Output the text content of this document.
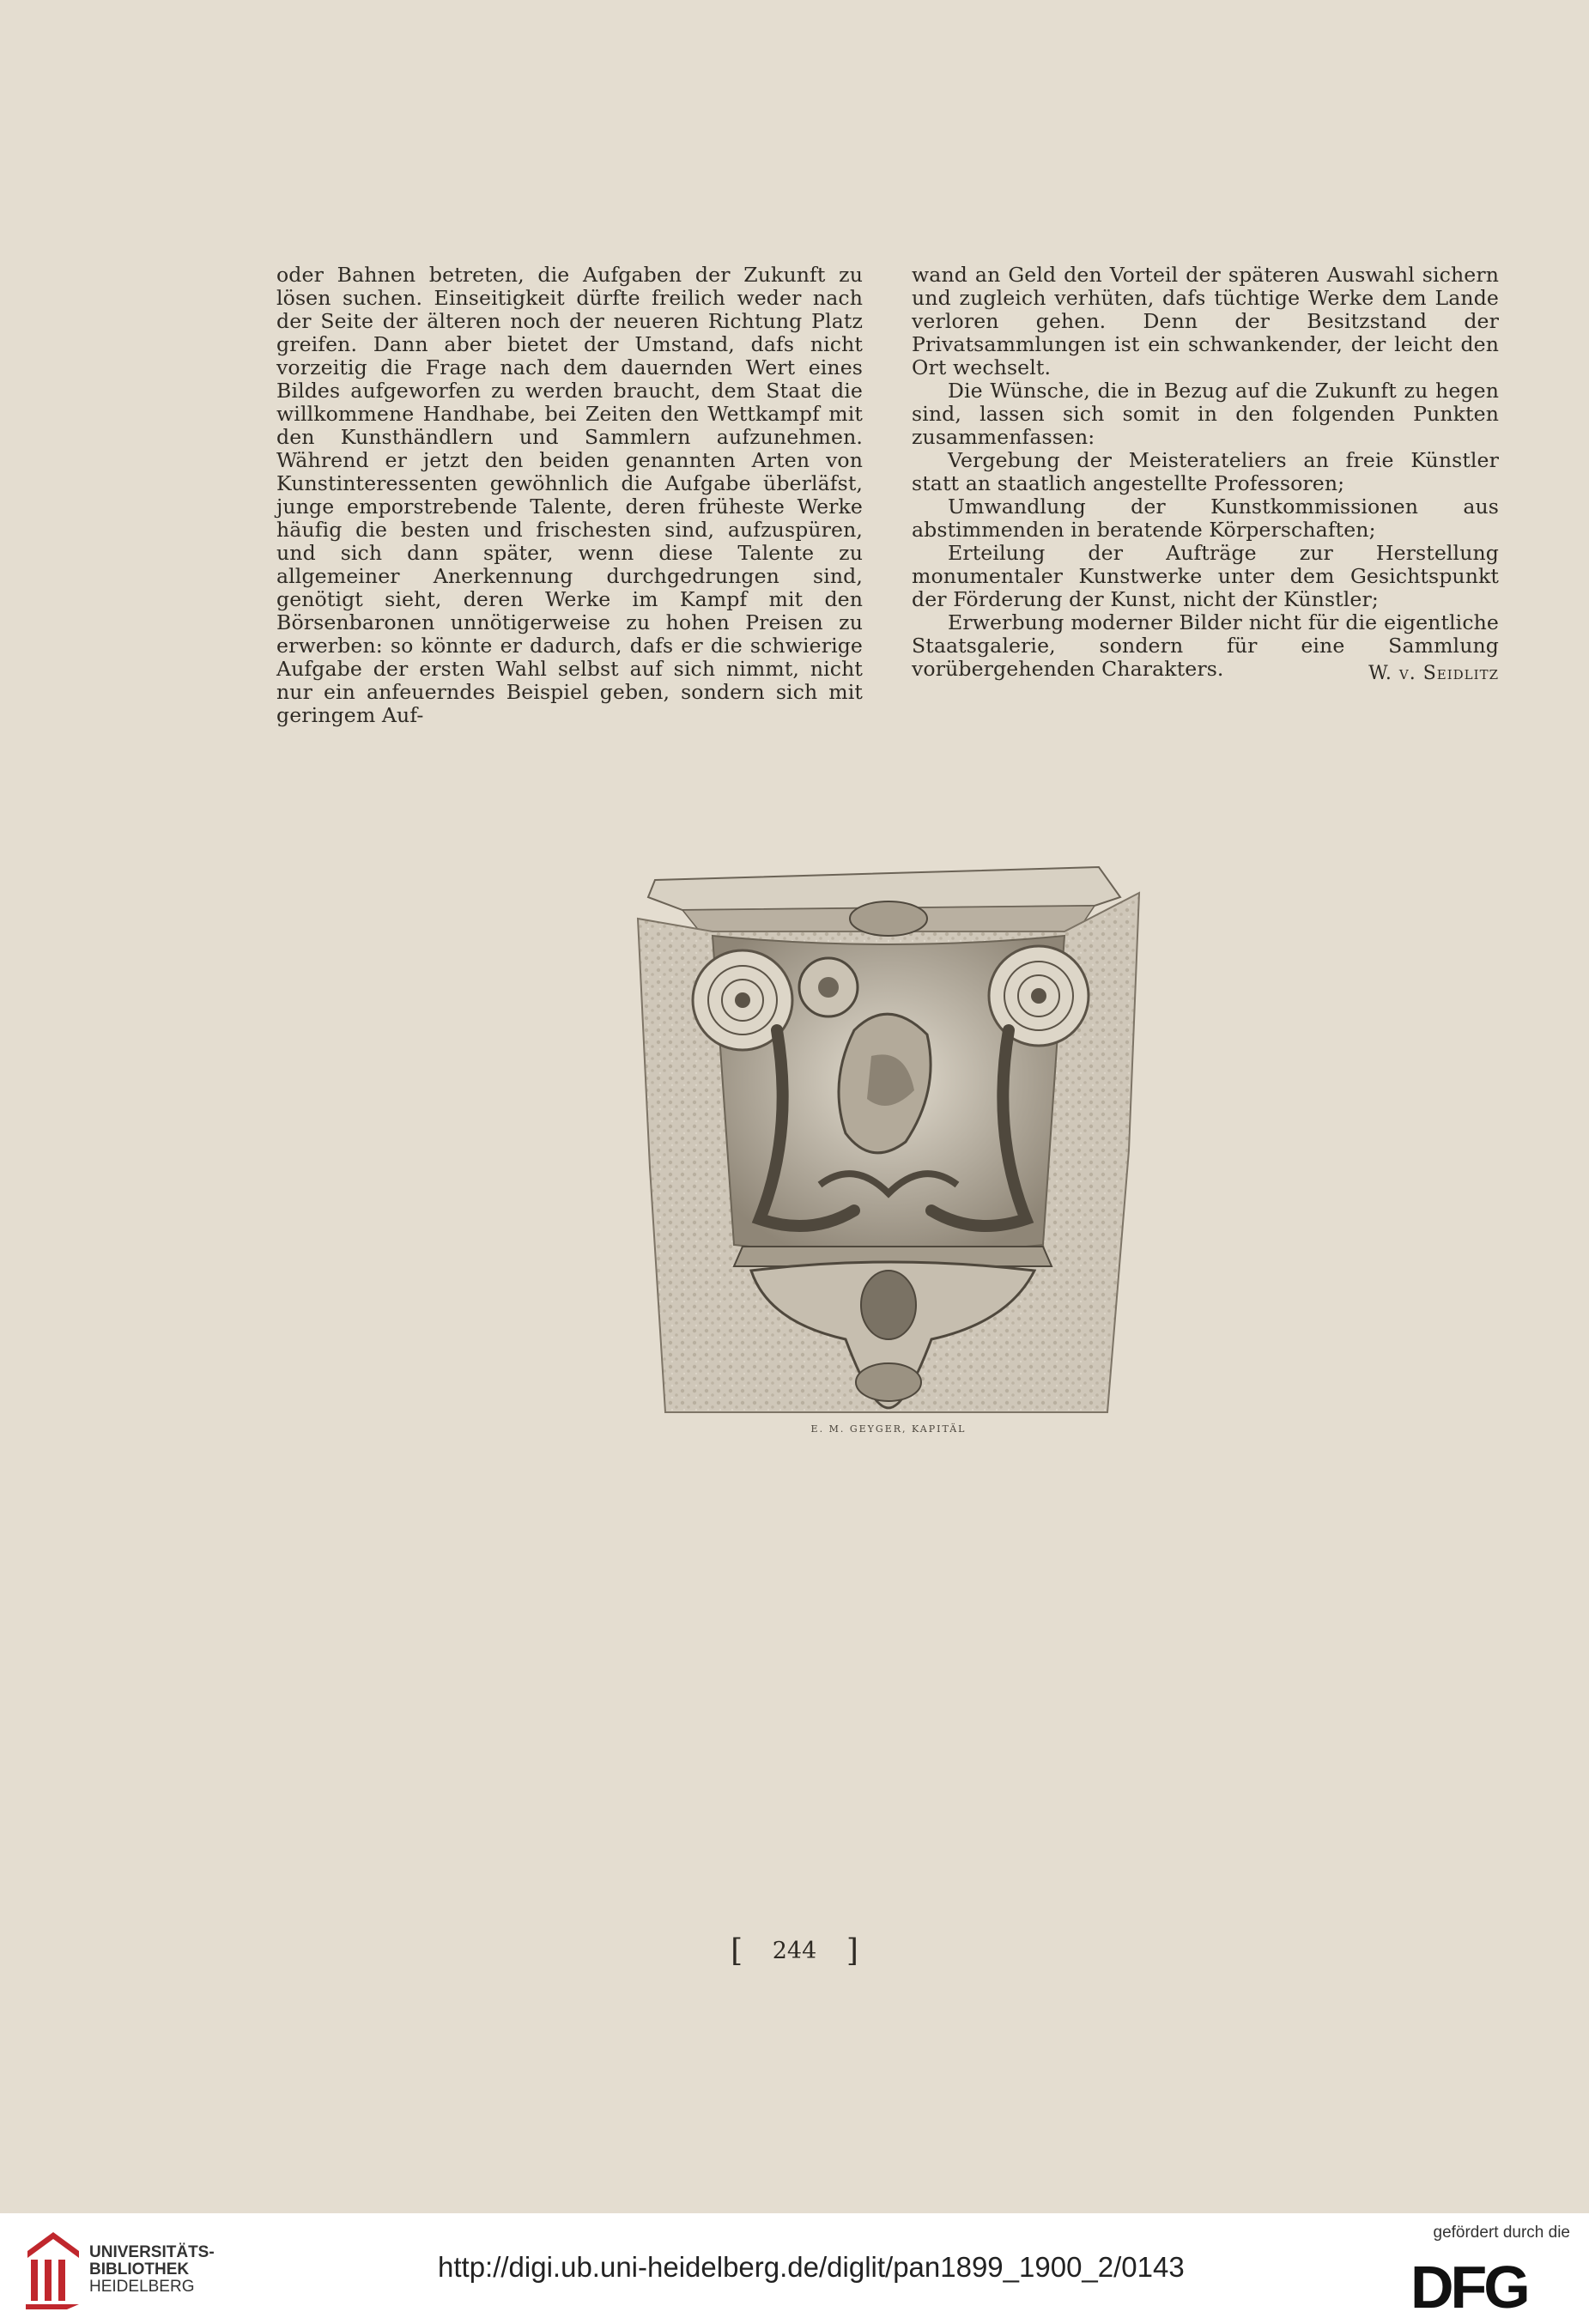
oder Bahnen betreten, die Aufgaben der Zukunft zu lösen suchen. Einseitigkeit dürfte freilich weder nach der Seite der älteren noch der neueren Richtung Platz greifen. Dann aber bietet der Umstand, dafs nicht vorzeitig die Frage nach dem dauernden Wert eines Bildes aufgeworfen zu werden braucht, dem Staat die willkommene Handhabe, bei Zeiten den Wettkampf mit den Kunsthändlern und Sammlern aufzunehmen. Während er jetzt den beiden genannten Arten von Kunstinteressenten gewöhnlich die Aufgabe überläfst, junge emporstrebende Talente, deren früheste Werke häufig die besten und frischesten sind, aufzuspüren, und sich dann später, wenn diese Talente zu allgemeiner Anerkennung durchgedrungen sind, genötigt sieht, deren Werke im Kampf mit den Börsenbaronen unnötigerweise zu hohen Preisen zu erwerben: so könnte er dadurch, dafs er die schwierige Aufgabe der ersten Wahl selbst auf sich nimmt, nicht nur ein anfeuerndes Beispiel geben, sondern sich mit geringem Auf-

wand an Geld den Vorteil der späteren Auswahl sichern und zugleich verhüten, dafs tüchtige Werke dem Lande verloren gehen. Denn der Besitzstand der Privatsammlungen ist ein schwankender, der leicht den Ort wechselt.

Die Wünsche, die in Bezug auf die Zukunft zu hegen sind, lassen sich somit in den folgenden Punkten zusammenfassen:

Vergebung der Meisterateliers an freie Künstler statt an staatlich angestellte Professoren;

Umwandlung der Kunstkommissionen aus abstimmenden in beratende Körperschaften;

Erteilung der Aufträge zur Herstellung monumentaler Kunstwerke unter dem Gesichtspunkt der Förderung der Kunst, nicht der Künstler;

Erwerbung moderner Bilder nicht für die eigentliche Staatsgalerie, sondern für eine Sammlung vorübergehenden Charakters.	W. v. Seidlitz
E. M. GEYGER, KAPITÄL
[ 244 ]
UNIVERSITÄTS-
BIBLIOTHEK
HEIDELBERG
http://digi.ub.uni-heidelberg.de/diglit/pan1899_1900_2/0143
gefördert durch die
DFG
